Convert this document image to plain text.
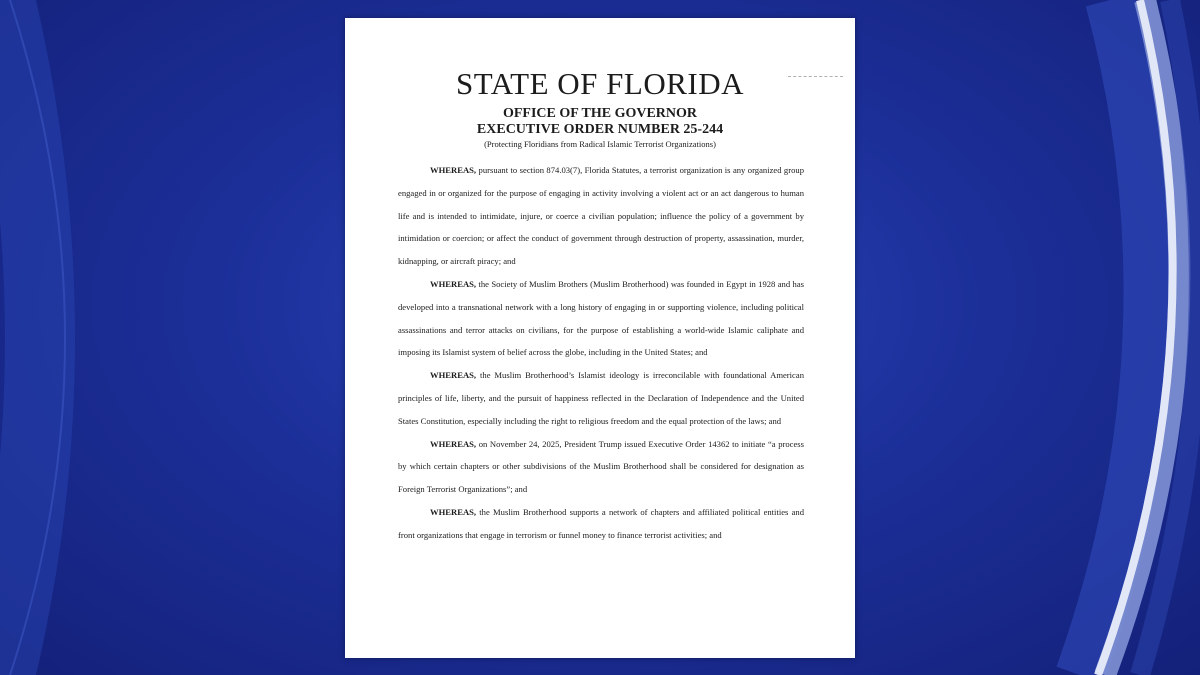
STATE OF FLORIDA
OFFICE OF THE GOVERNOR
EXECUTIVE ORDER NUMBER 25-244
(Protecting Floridians from Radical Islamic Terrorist Organizations)

WHEREAS, pursuant to section 874.03(7), Florida Statutes, a terrorist organization is any organized group engaged in or organized for the purpose of engaging in activity involving a violent act or an act dangerous to human life and is intended to intimidate, injure, or coerce a civilian population; influence the policy of a government by intimidation or coercion; or affect the conduct of government through destruction of property, assassination, murder, kidnapping, or aircraft piracy; and

WHEREAS, the Society of Muslim Brothers (Muslim Brotherhood) was founded in Egypt in 1928 and has developed into a transnational network with a long history of engaging in or supporting violence, including political assassinations and terror attacks on civilians, for the purpose of establishing a world-wide Islamic caliphate and imposing its Islamist system of belief across the globe, including in the United States; and

WHEREAS, the Muslim Brotherhood’s Islamist ideology is irreconcilable with foundational American principles of life, liberty, and the pursuit of happiness reflected in the Declaration of Independence and the United States Constitution, especially including the right to religious freedom and the equal protection of the laws; and

WHEREAS, on November 24, 2025, President Trump issued Executive Order 14362 to initiate “a process by which certain chapters or other subdivisions of the Muslim Brotherhood shall be considered for designation as Foreign Terrorist Organizations”; and

WHEREAS, the Muslim Brotherhood supports a network of chapters and affiliated political entities and front organizations that engage in terrorism or funnel money to finance terrorist activities; and
